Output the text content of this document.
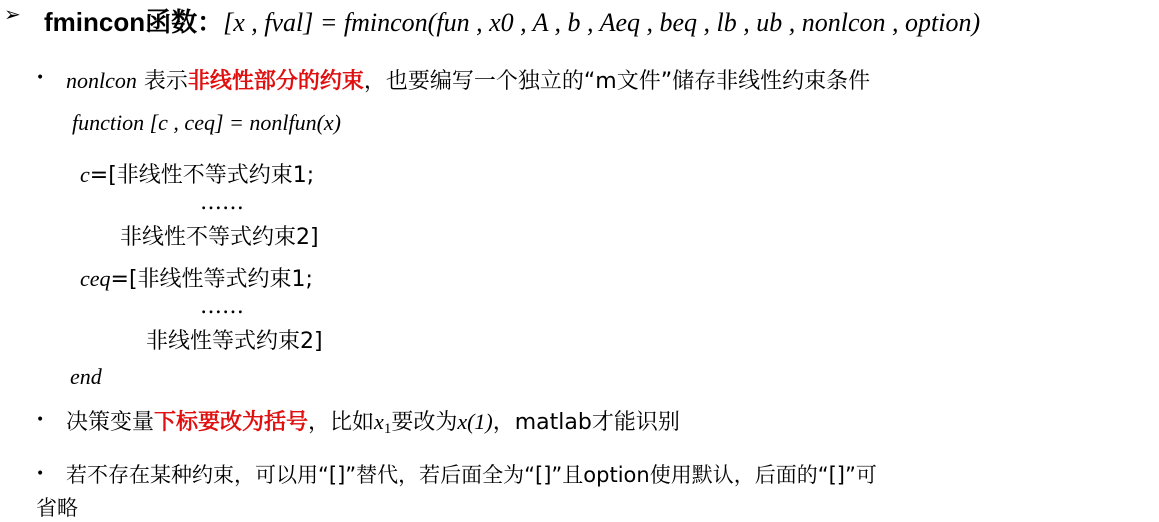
➢ fmincon函数：[x , fval] = fmincon(fun , x0 , A , b , Aeq , beq , lb , ub , nonlcon , option)
• nonlcon 表示非线性部分的约束，也要编写一个独立的“m文件”储存非线性约束条件
function [c , ceq] = nonlfun(x)
c=[非线性不等式约束1;
……
非线性不等式约束2]
ceq=[非线性等式约束1;
……
非线性等式约束2]
end
• 决策变量下标要改为括号，比如$x_1$要改为x(1)，matlab才能识别
• 若不存在某种约束，可以用“[]”替代，若后面全为“[]”且option使用默认，后面的“[]”可
省略
